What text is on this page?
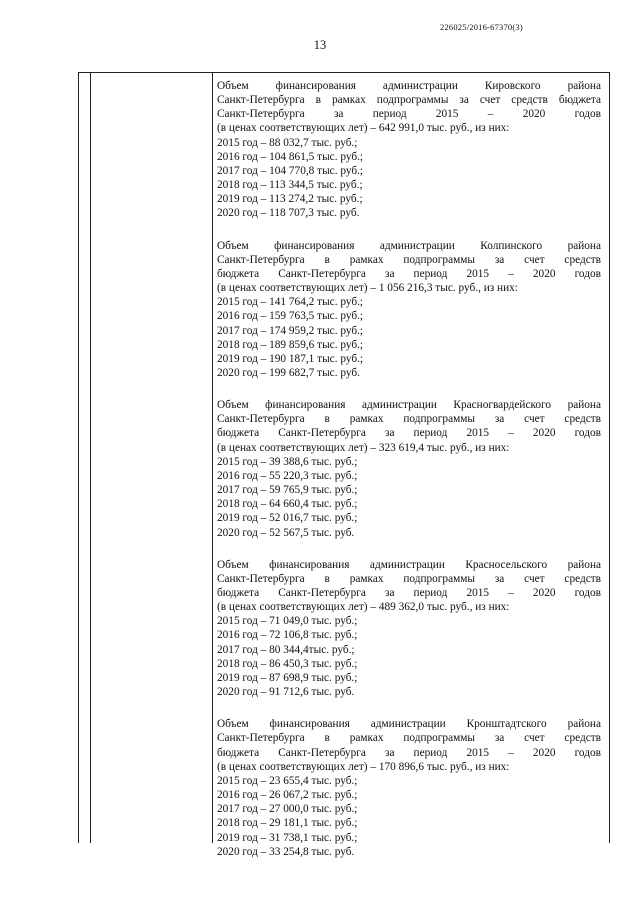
226025/2016-67370(3)
13

Объем финансирования администрации Кировского района

Санкт-Петербурга в рамках подпрограммы за счет средств бюджета

Санкт-Петербурга за период 2015 – 2020 годов

(в ценах соответствующих лет) – 642 991,0 тыс. руб., из них:

2015 год – 88 032,7 тыс. руб.;

2016 год – 104 861,5 тыс. руб.;

2017 год – 104 770,8 тыс. руб.;

2018 год – 113 344,5 тыс. руб.;

2019 год – 113 274,2 тыс. руб.;

2020 год – 118 707,3 тыс. руб.

Объем финансирования администрации Колпинского района

Санкт-Петербурга в рамках подпрограммы за счет средств

бюджета Санкт-Петербурга за период 2015 – 2020 годов

(в ценах соответствующих лет) – 1 056 216,3 тыс. руб., из них:

2015 год – 141 764,2 тыс. руб.;

2016 год – 159 763,5 тыс. руб.;

2017 год – 174 959,2 тыс. руб.;

2018 год – 189 859,6 тыс. руб.;

2019 год – 190 187,1 тыс. руб.;

2020 год – 199 682,7 тыс. руб.

Объем финансирования администрации Красногвардейского района

Санкт-Петербурга в рамках подпрограммы за счет средств

бюджета Санкт-Петербурга за период 2015 – 2020 годов

(в ценах соответствующих лет) – 323 619,4 тыс. руб., из них:

2015 год – 39 388,6 тыс. руб.;

2016 год – 55 220,3 тыс. руб.;

2017 год – 59 765,9 тыс. руб.;

2018 год – 64 660,4 тыс. руб.;

2019 год – 52 016,7 тыс. руб.;

2020 год – 52 567,5 тыс. руб.

Объем финансирования администрации Красносельского района

Санкт-Петербурга в рамках подпрограммы за счет средств

бюджета Санкт-Петербурга за период 2015 – 2020 годов

(в ценах соответствующих лет) – 489 362,0 тыс. руб., из них:

2015 год – 71 049,0 тыс. руб.;

2016 год – 72 106,8 тыс. руб.;

2017 год – 80 344,4тыс. руб.;

2018 год – 86 450,3 тыс. руб.;

2019 год – 87 698,9 тыс. руб.;

2020 год – 91 712,6 тыс. руб.

Объем финансирования администрации Кронштадтского района

Санкт-Петербурга в рамках подпрограммы за счет средств

бюджета Санкт-Петербурга за период 2015 – 2020 годов

(в ценах соответствующих лет) – 170 896,6 тыс. руб., из них:

2015 год – 23 655,4 тыс. руб.;

2016 год – 26 067,2 тыс. руб.;

2017 год – 27 000,0 тыс. руб.;

2018 год – 29 181,1 тыс. руб.;

2019 год – 31 738,1 тыс. руб.;

2020 год – 33 254,8 тыс. руб.
